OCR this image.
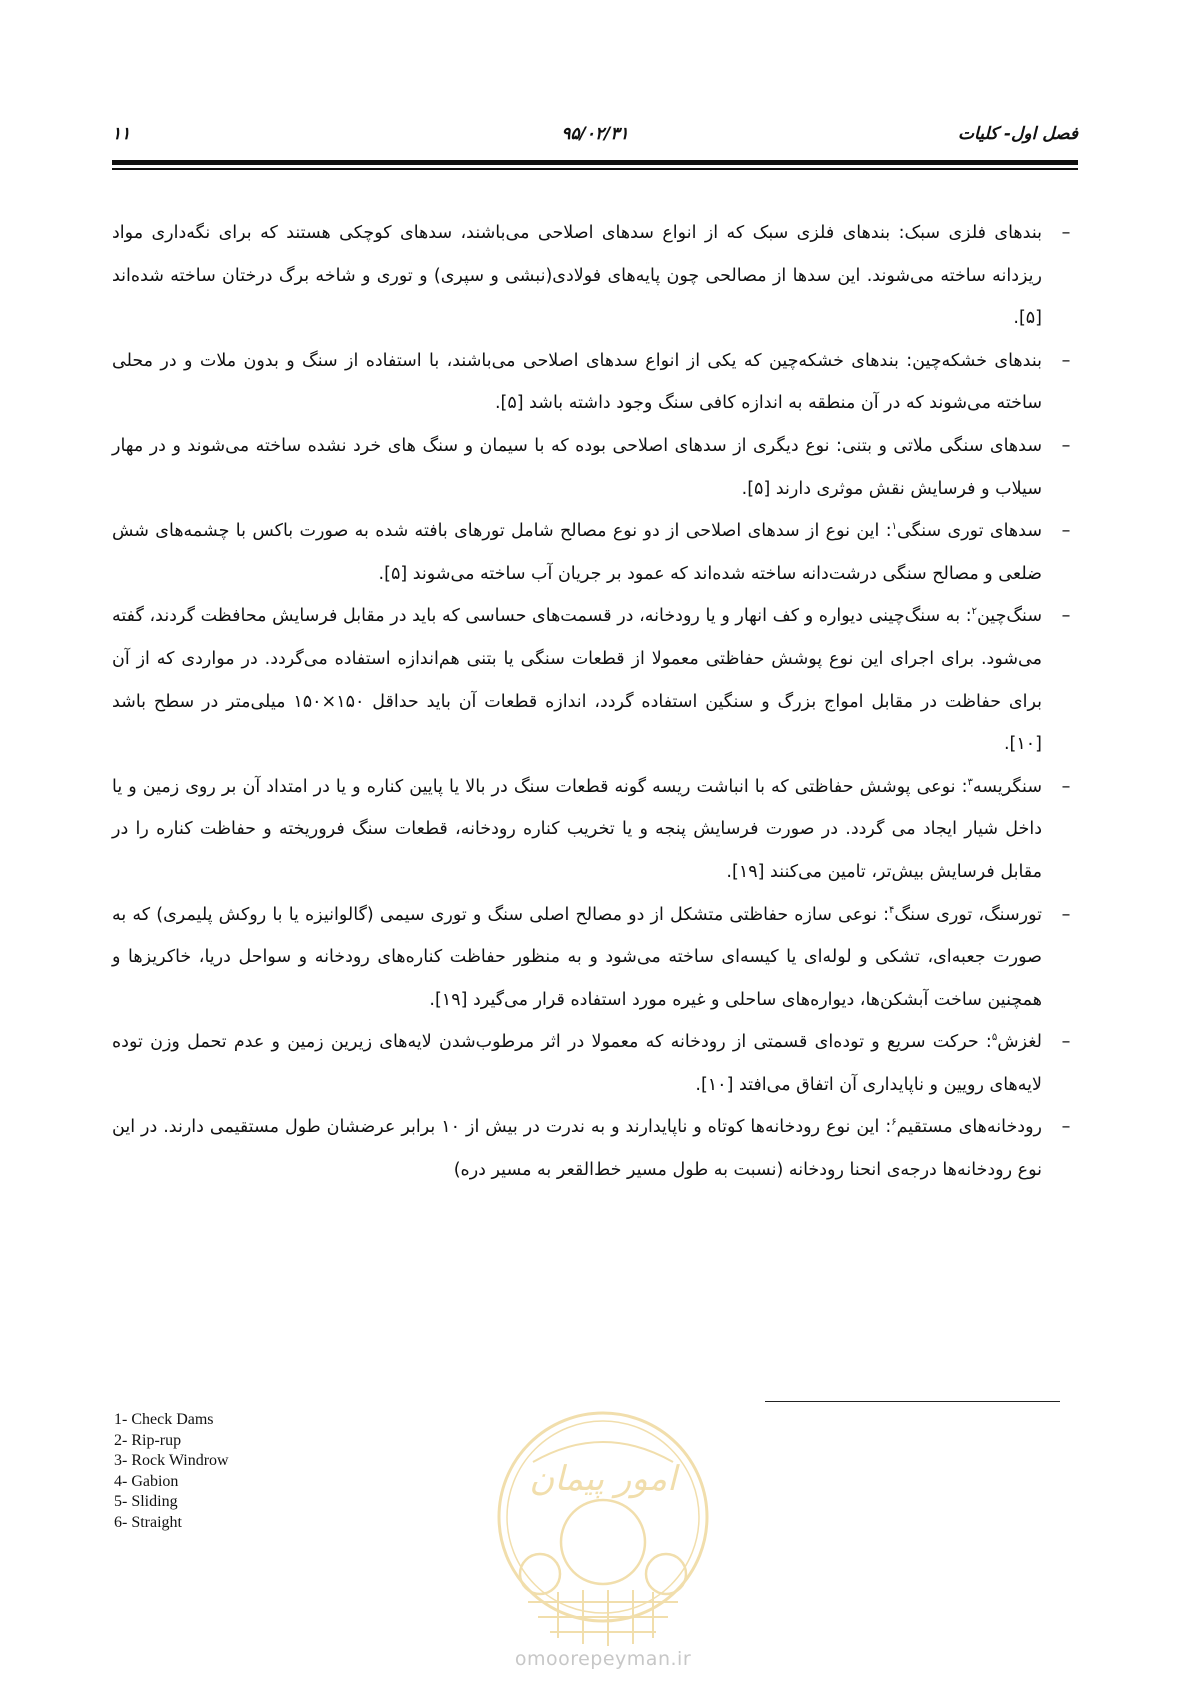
فصل اول- کلیات
۹۵/۰۲/۳۱
۱۱

–
بندهای فلزی سبک: بندهای فلزی سبک که از انواع سدهای اصلاحی می‌باشند، سدهای کوچکی هستند که برای نگه‌داری مواد ریزدانه ساخته می‌شوند. این سدها از مصالحی چون پایه‌های فولادی(نبشی و سپری) و توری و شاخه برگ درختان ساخته شده‌اند [۵].

–
بندهای خشکه‌چین: بندهای خشکه‌چین که یکی از انواع سدهای اصلاحی می‌باشند، با استفاده از سنگ و بدون ملات و در محلی ساخته می‌شوند که در آن منطقه به اندازه کافی سنگ وجود داشته باشد [۵].

–
سدهای سنگی ملاتی و بتنی: نوع دیگری از سدهای اصلاحی بوده که با سیمان و سنگ های خرد نشده ساخته می‌شوند و در مهار سیلاب و فرسایش نقش موثری دارند [۵].

–
سدهای توری سنگی$^۱$: این نوع از سدهای اصلاحی از دو نوع مصالح شامل تورهای بافته شده به صورت باکس با چشمه‌های شش ضلعی و مصالح سنگی درشت‌دانه ساخته شده‌اند که عمود بر جریان آب ساخته می‌شوند [۵].

–
سنگ‌چین$^۲$: به سنگ‌چینی دیواره و کف انهار و یا رودخانه، در قسمت‌های حساسی که باید در مقابل فرسایش محافظت گردند، گفته می‌شود. برای اجرای این نوع پوشش حفاظتی معمولا از قطعات سنگی یا بتنی هم‌اندازه استفاده می‌گردد. در مواردی که از آن برای حفاظت در مقابل امواج بزرگ و سنگین استفاده گردد، اندازه قطعات آن باید حداقل ۱۵۰×۱۵۰ میلی‌متر در سطح باشد [۱۰].

–
سنگریسه$^۳$: نوعی پوشش حفاظتی که با انباشت ریسه گونه قطعات سنگ در بالا یا پایین کناره و یا در امتداد آن بر روی زمین و یا داخل شیار ایجاد می گردد. در صورت فرسایش پنجه و یا تخریب کناره رودخانه، قطعات سنگ فروریخته و حفاظت کناره را در مقابل فرسایش بیش‌تر، تامین می‌کنند [۱۹].

–
تورسنگ، توری سنگ$^۴$: نوعی سازه حفاظتی متشکل از دو مصالح اصلی سنگ و توری سیمی (گالوانیزه یا با روکش پلیمری) که به صورت جعبه‌ای، تشکی و لوله‌ای یا کیسه‌ای ساخته می‌شود و به منظور حفاظت کناره‌های رودخانه و سواحل دریا، خاکریزها و همچنین ساخت آبشکن‌ها، دیواره‌های ساحلی و غیره مورد استفاده قرار می‌گیرد [۱۹].

–
لغزش$^۵$: حرکت سریع و توده‌ای قسمتی از رودخانه که معمولا در اثر مرطوب‌شدن لایه‌های زیرین زمین و عدم تحمل وزن توده لایه‌های رویین و ناپایداری آن اتفاق می‌افتد [۱۰].

–
رودخانه‌های مستقیم$^۶$: این نوع رودخانه‌ها کوتاه و ناپایدارند و به ندرت در بیش از ۱۰ برابر عرضشان طول مستقیمی دارند. در این نوع رودخانه‌ها درجه‌ی انحنا رودخانه (نسبت به طول مسیر خط‌القعر به مسیر دره)

1- Check Dams
2- Rip-rup
3- Rock Windrow
4- Gabion
5- Sliding
6- Straight
امور پیمان
omoorepeyman.ir
